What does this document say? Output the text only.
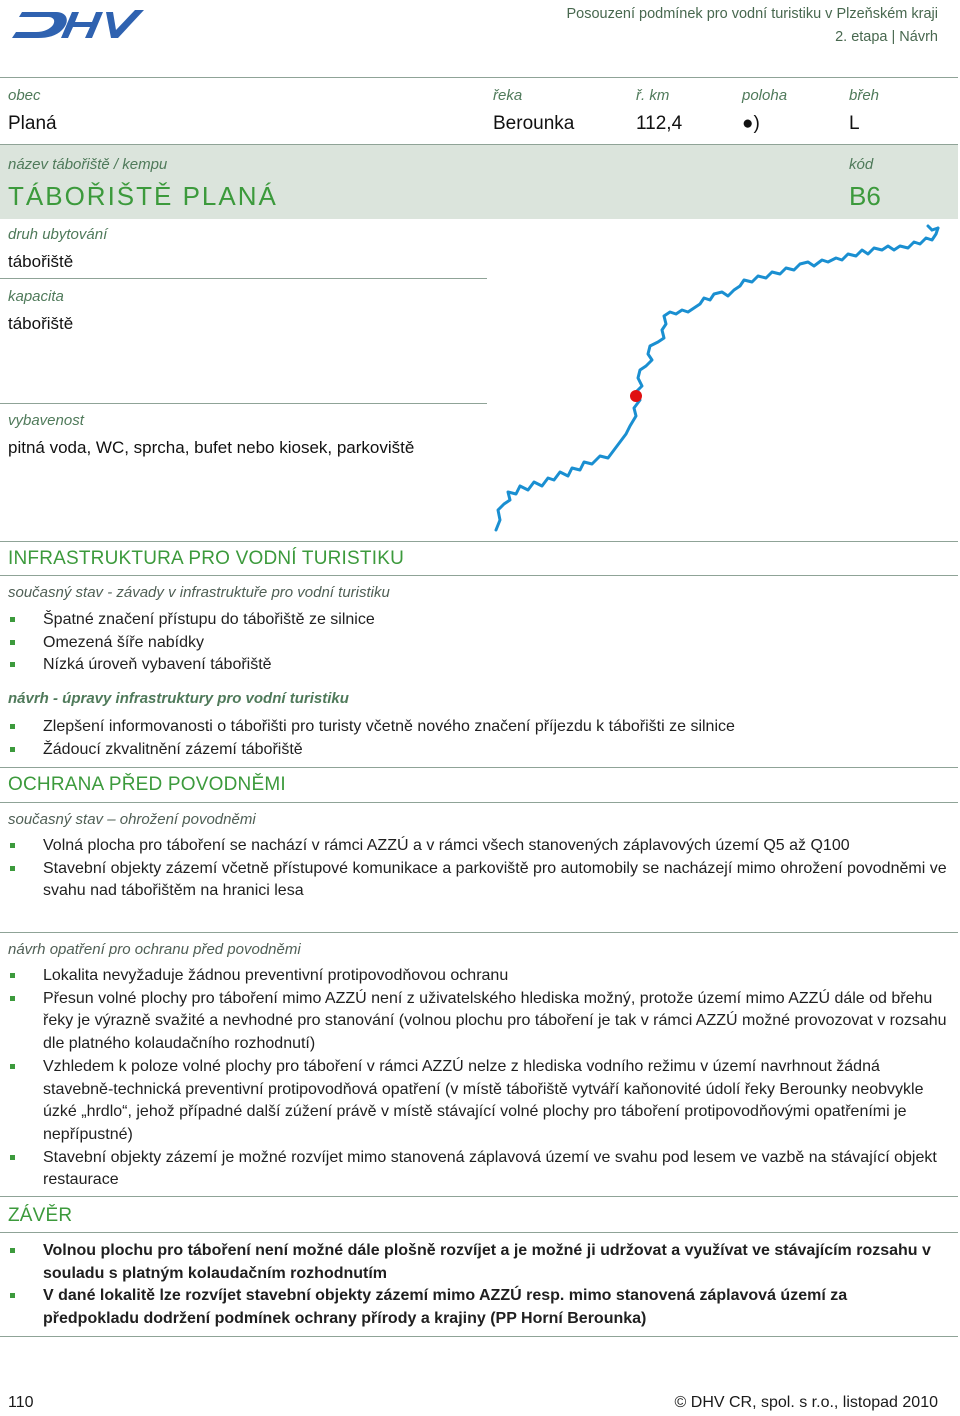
Posouzení podmínek pro vodní turistiku v Plzeňském kraji
2. etapa | Návrh
obec
Planá
řeka
Berounka
ř. km
112,4
poloha
●)
břeh
L
název tábořiště / kempu
TÁBOŘIŠTĚ PLANÁ
kód
B6
druh ubytování
tábořiště
kapacita
tábořiště
vybavenost
pitná voda, WC, sprcha, bufet nebo kiosek, parkoviště
INFRASTRUKTURA PRO VODNÍ TURISTIKU
současný stav - závady v infrastruktuře pro vodní turistiku
Špatné značení přístupu do tábořiště ze silnice
Omezená šíře nabídky
Nízká úroveň vybavení tábořiště
návrh - úpravy infrastruktury pro vodní turistiku
Zlepšení informovanosti o tábořišti pro turisty včetně nového značení příjezdu k tábořišti ze silnice
Žádoucí zkvalitnění zázemí tábořiště
OCHRANA PŘED POVODNĚMI
současný stav – ohrožení povodněmi
Volná plocha pro táboření se nachází v rámci AZZÚ a v rámci všech stanovených záplavových území Q5 až Q100
Stavební objekty zázemí včetně přístupové komunikace a parkoviště pro automobily se nacházejí mimo ohrožení povodněmi ve svahu nad tábořištěm na hranici lesa
návrh opatření pro ochranu před povodněmi
Lokalita nevyžaduje žádnou preventivní protipovodňovou ochranu
Přesun volné plochy pro táboření mimo AZZÚ není z uživatelského hlediska možný, protože území mimo AZZÚ dále od břehu řeky je výrazně svažité a nevhodné pro stanování (volnou plochu pro táboření je tak v rámci AZZÚ možné provozovat v rozsahu dle platného kolaudačního rozhodnutí)
Vzhledem k poloze volné plochy pro táboření v rámci AZZÚ nelze z hlediska vodního režimu v území navrhnout žádná stavebně-technická preventivní protipovodňová opatření (v místě tábořiště vytváří kaňonovité údolí řeky Berounky neobvykle úzké „hrdlo“, jehož případné další zúžení právě v místě stávající volné plochy pro táboření protipovodňovými opatřeními je nepřípustné)
Stavební objekty zázemí je možné rozvíjet mimo stanovená záplavová území ve svahu pod lesem ve vazbě na stávající objekt restaurace
ZÁVĚR
Volnou plochu pro táboření není možné dále plošně rozvíjet a je možné ji udržovat a využívat ve stávajícím rozsahu v souladu s platným kolaudačním rozhodnutím
V dané lokalitě lze rozvíjet stavební objekty zázemí mimo AZZÚ resp. mimo stanovená záplavová území za předpokladu dodržení podmínek ochrany přírody a krajiny (PP Horní Berounka)
110	© DHV CR, spol. s r.o., listopad 2010
